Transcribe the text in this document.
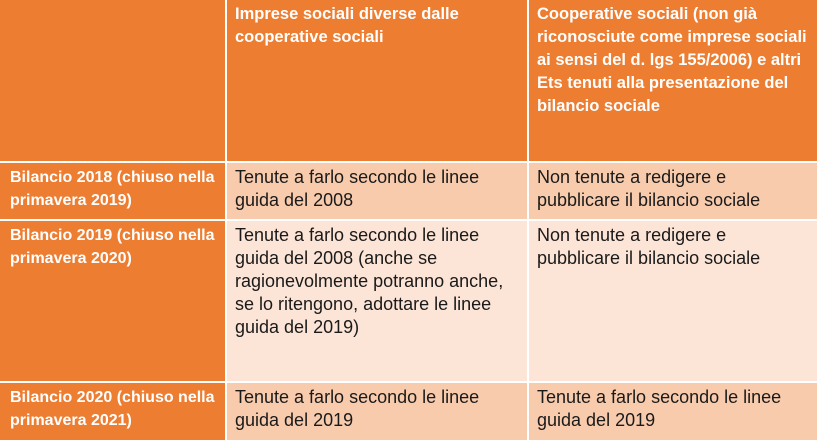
	Imprese sociali diverse dalle cooperative sociali	Cooperative sociali (non già riconosciute come imprese sociali ai sensi del d. lgs 155/2006) e altri Ets tenuti alla presentazione del bilancio sociale
Bilancio 2018 (chiuso nella primavera 2019)	Tenute a farlo secondo le linee guida del 2008	Non tenute a redigere e pubblicare il bilancio sociale
Bilancio 2019 (chiuso nella primavera 2020)	Tenute a farlo secondo le linee guida del 2008 (anche se ragionevolmente potranno anche, se lo ritengono, adottare le linee guida del 2019)	Non tenute a redigere e pubblicare il bilancio sociale
Bilancio 2020 (chiuso nella primavera 2021)	Tenute a farlo secondo le linee guida del 2019	Tenute a farlo secondo le linee guida del 2019
